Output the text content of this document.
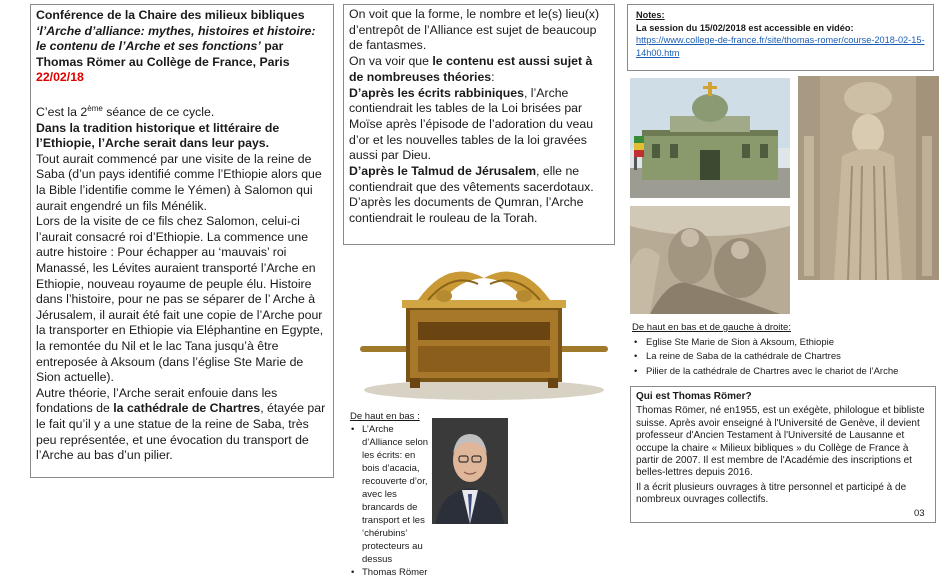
Conférence de la Chaire des milieux bibliques ‘l’Arche d’alliance: mythes, histoires et histoire: le contenu de l’Arche et ses fonctions’ par Thomas Römer au Collège de France, Paris 22/02/18

C’est la 2ème séance de ce cycle.

Dans la tradition historique et littéraire de l’Ethiopie, l’Arche serait dans leur pays.

Tout aurait commencé par une visite de la reine de Saba (d’un pays identifié comme l’Ethiopie alors que la Bible l’identifie comme le Yémen) à Salomon qui aurait engendré un fils Ménélik.

Lors de la visite de ce fils chez Salomon, celui-ci l’aurait consacré roi d’Ethiopie. La commence une autre histoire : Pour échapper au ‘mauvais’ roi Manassé, les Lévites auraient transporté l’Arche en Ethiopie, nouveau royaume de peuple élu. Histoire dans l’histoire, pour ne pas se séparer de l’ Arche à Jérusalem, il aurait été fait une copie de l’Arche pour la transporter en Ethiopie via Eléphantine en Egypte, la remontée du Nil et le lac Tana jusqu’à être entreposée à Aksoum (dans l’église Ste Marie de Sion actuelle).

Autre théorie, l’Arche serait enfouie dans les fondations de la cathédrale de Chartres, étayée par le fait qu’il y a une statue de la reine de Saba, très peu représentée, et une évocation du transport de l’Arche au bas d’un pilier.

On voit que la forme, le nombre et le(s) lieu(x) d’entrepôt de l’Alliance est sujet de beaucoup de fantasmes.

On va voir que le contenu est aussi sujet à de nombreuses théories:

D’après les écrits rabbiniques, l’Arche contiendrait les tables de la Loi brisées par Moïse après l’épisode de l’adoration du veau d’or et les nouvelles tables de la loi gravées aussi par Dieu.

D’après le Talmud de Jérusalem, elle ne contiendrait que des vêtements sacerdotaux.

D’après les documents de Qumran, l’Arche contiendrait le rouleau de la Torah.

Notes:
La session du 15/02/2018 est accessible en vidéo:
https://www.college-de-france.fr/site/thomas-romer/course-2018-02-15-14h00.htm
De haut en bas et de gauche à droite:
• Eglise Ste Marie de Sion à Aksoum, Ethiopie
• La reine de Saba de la cathédrale de Chartres
• Pilier de la cathédrale de Chartres avec le chariot de l’Arche
De haut en bas :
• L’Arche d’Alliance selon les écrits: en bois d’acacia, recouverte d’or, avec les brancards de transport et les ‘chérubins’ protecteurs au dessus
• Thomas Römer
Qui est Thomas Römer?

Thomas Römer, né en1955, est un exégète, philologue et bibliste suisse. Après avoir enseigné à l'Université de Genève, il devient professeur d'Ancien Testament à l'Université de Lausanne et occupe la chaire « Milieux bibliques » du Collège de France à partir de 2007. Il est membre de l'Académie des inscriptions et belles-lettres depuis 2016.

Il a écrit plusieurs ouvrages à titre personnel et participé à de nombreux ouvrages collectifs.

03
